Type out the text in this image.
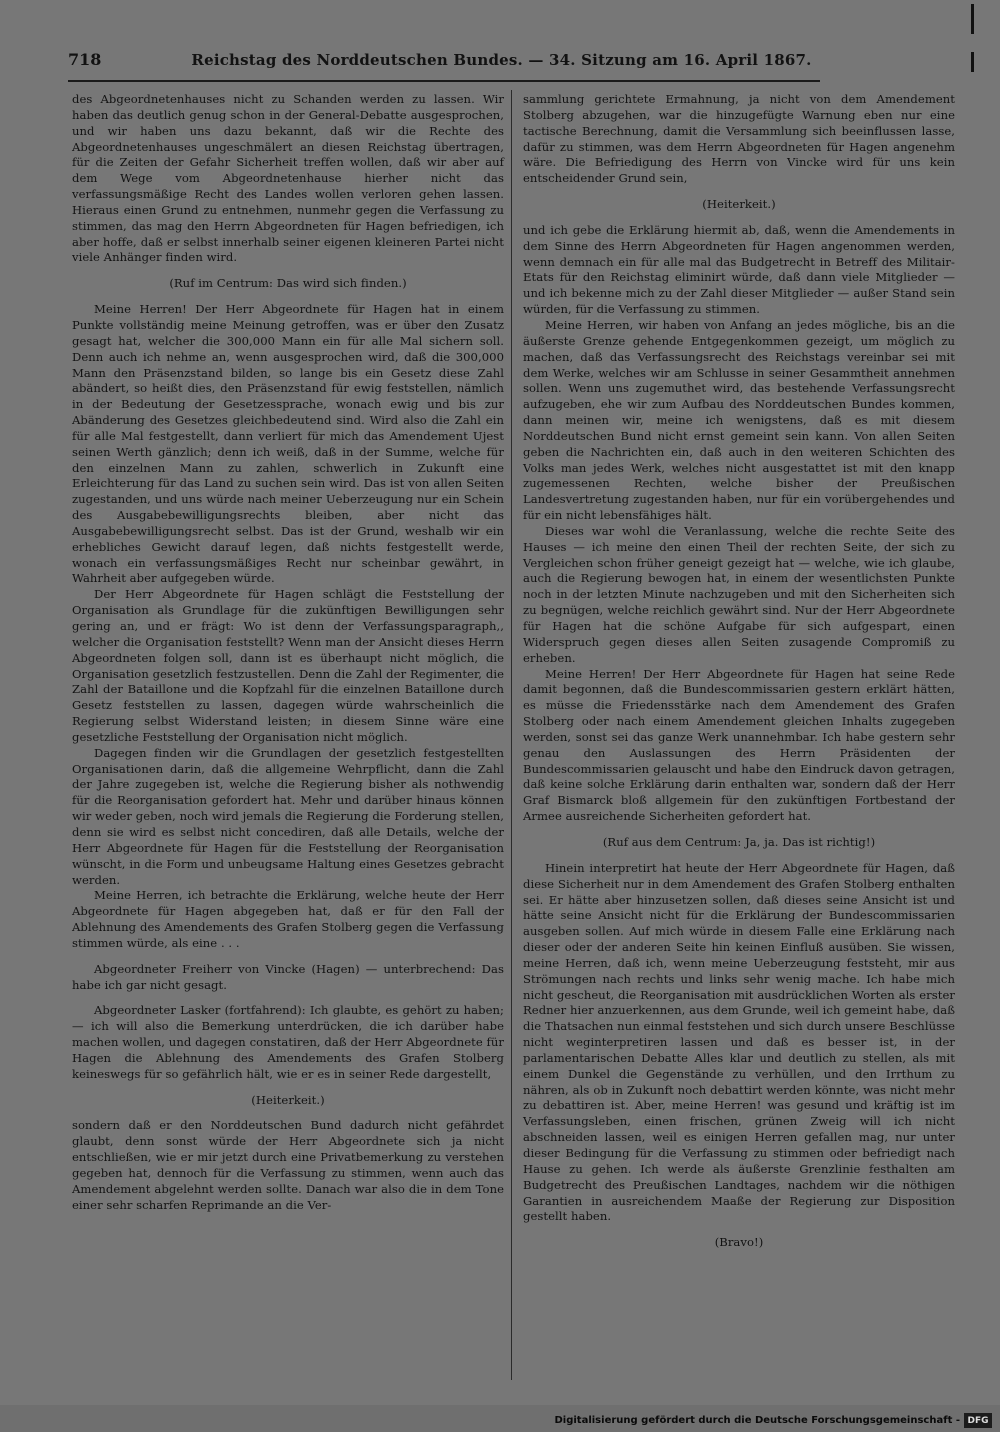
718	Reichstag des Norddeutschen Bundes. — 34. Sitzung am 16. April 1867.

des Abgeordnetenhauses nicht zu Schanden werden zu lassen. Wir haben das deutlich genug schon in der General-Debatte ausgesprochen, und wir haben uns dazu bekannt, daß wir die Rechte des Abgeordnetenhauses ungeschmälert an diesen Reichstag übertragen, für die Zeiten der Gefahr Sicherheit treffen wollen, daß wir aber auf dem Wege vom Abgeordnetenhause hierher nicht das verfassungsmäßige Recht des Landes wollen verloren gehen lassen. Hieraus einen Grund zu entnehmen, nunmehr gegen die Verfassung zu stimmen, das mag den Herrn Abgeordneten für Hagen befriedigen, ich aber hoffe, daß er selbst innerhalb seiner eigenen kleineren Partei nicht viele Anhänger finden wird.

(Ruf im Centrum: Das wird sich finden.)

Meine Herren! Der Herr Abgeordnete für Hagen hat in einem Punkte vollständig meine Meinung getroffen, was er über den Zusatz gesagt hat, welcher die 300,000 Mann ein für alle Mal sichern soll. Denn auch ich nehme an, wenn ausgesprochen wird, daß die 300,000 Mann den Präsenzstand bilden, so lange bis ein Gesetz diese Zahl abändert, so heißt dies, den Präsenzstand für ewig feststellen, nämlich in der Bedeutung der Gesetzessprache, wonach ewig und bis zur Abänderung des Gesetzes gleichbedeutend sind. Wird also die Zahl ein für alle Mal festgestellt, dann verliert für mich das Amendement Ujest seinen Werth gänzlich; denn ich weiß, daß in der Summe, welche für den einzelnen Mann zu zahlen, schwerlich in Zukunft eine Erleichterung für das Land zu suchen sein wird. Das ist von allen Seiten zugestanden, und uns würde nach meiner Ueberzeugung nur ein Schein des Ausgabebewilligungsrechts bleiben, aber nicht das Ausgabebewilligungsrecht selbst. Das ist der Grund, weshalb wir ein erhebliches Gewicht darauf legen, daß nichts festgestellt werde, wonach ein verfassungsmäßiges Recht nur scheinbar gewährt, in Wahrheit aber aufgegeben würde.

Der Herr Abgeordnete für Hagen schlägt die Feststellung der Organisation als Grundlage für die zukünftigen Bewilligungen sehr gering an, und er frägt: Wo ist denn der Verfassungsparagraph,, welcher die Organisation feststellt? Wenn man der Ansicht dieses Herrn Abgeordneten folgen soll, dann ist es überhaupt nicht möglich, die Organisation gesetzlich festzustellen. Denn die Zahl der Regimenter, die Zahl der Bataillone und die Kopfzahl für die einzelnen Bataillone durch Gesetz feststellen zu lassen, dagegen würde wahrscheinlich die Regierung selbst Widerstand leisten; in diesem Sinne wäre eine gesetzliche Feststellung der Organisation nicht möglich.

Dagegen finden wir die Grundlagen der gesetzlich festgestellten Organisationen darin, daß die allgemeine Wehrpflicht, dann die Zahl der Jahre zugegeben ist, welche die Regierung bisher als nothwendig für die Reorganisation gefordert hat. Mehr und darüber hinaus können wir weder geben, noch wird jemals die Regierung die Forderung stellen, denn sie wird es selbst nicht concediren, daß alle Details, welche der Herr Abgeordnete für Hagen für die Feststellung der Reorganisation wünscht, in die Form und unbeugsame Haltung eines Gesetzes gebracht werden.

Meine Herren, ich betrachte die Erklärung, welche heute der Herr Abgeordnete für Hagen abgegeben hat, daß er für den Fall der Ablehnung des Amendements des Grafen Stolberg gegen die Verfassung stimmen würde, als eine . . .

Abgeordneter Freiherr von Vincke (Hagen) — unterbrechend: Das habe ich gar nicht gesagt.

Abgeordneter Lasker (fortfahrend): Ich glaubte, es gehört zu haben; — ich will also die Bemerkung unterdrücken, die ich darüber habe machen wollen, und dagegen constatiren, daß der Herr Abgeordnete für Hagen die Ablehnung des Amendements des Grafen Stolberg keineswegs für so gefährlich hält, wie er es in seiner Rede dargestellt,

(Heiterkeit.)

sondern daß er den Norddeutschen Bund dadurch nicht gefährdet glaubt, denn sonst würde der Herr Abgeordnete sich ja nicht entschließen, wie er mir jetzt durch eine Privatbemerkung zu verstehen gegeben hat, dennoch für die Verfassung zu stimmen, wenn auch das Amendement abgelehnt werden sollte. Danach war also die in dem Tone einer sehr scharfen Reprimande an die Ver-

sammlung gerichtete Ermahnung, ja nicht von dem Amendement Stolberg abzugehen, war die hinzugefügte Warnung eben nur eine tactische Berechnung, damit die Versammlung sich beeinflussen lasse, dafür zu stimmen, was dem Herrn Abgeordneten für Hagen angenehm wäre. Die Befriedigung des Herrn von Vincke wird für uns kein entscheidender Grund sein,

(Heiterkeit.)

und ich gebe die Erklärung hiermit ab, daß, wenn die Amendements in dem Sinne des Herrn Abgeordneten für Hagen angenommen werden, wenn demnach ein für alle mal das Budgetrecht in Betreff des Militair-Etats für den Reichstag eliminirt würde, daß dann viele Mitglieder — und ich bekenne mich zu der Zahl dieser Mitglieder — außer Stand sein würden, für die Verfassung zu stimmen.

Meine Herren, wir haben von Anfang an jedes mögliche, bis an die äußerste Grenze gehende Entgegenkommen gezeigt, um möglich zu machen, daß das Verfassungsrecht des Reichstags vereinbar sei mit dem Werke, welches wir am Schlusse in seiner Gesammtheit annehmen sollen. Wenn uns zugemuthet wird, das bestehende Verfassungsrecht aufzugeben, ehe wir zum Aufbau des Norddeutschen Bundes kommen, dann meinen wir, meine ich wenigstens, daß es mit diesem Norddeutschen Bund nicht ernst gemeint sein kann. Von allen Seiten geben die Nachrichten ein, daß auch in den weiteren Schichten des Volks man jedes Werk, welches nicht ausgestattet ist mit den knapp zugemessenen Rechten, welche bisher der Preußischen Landesvertretung zugestanden haben, nur für ein vorübergehendes und für ein nicht lebensfähiges hält.

Dieses war wohl die Veranlassung, welche die rechte Seite des Hauses — ich meine den einen Theil der rechten Seite, der sich zu Vergleichen schon früher geneigt gezeigt hat — welche, wie ich glaube, auch die Regierung bewogen hat, in einem der wesentlichsten Punkte noch in der letzten Minute nachzugeben und mit den Sicherheiten sich zu begnügen, welche reichlich gewährt sind. Nur der Herr Abgeordnete für Hagen hat die schöne Aufgabe für sich aufgespart, einen Widerspruch gegen dieses allen Seiten zusagende Compromiß zu erheben.

Meine Herren! Der Herr Abgeordnete für Hagen hat seine Rede damit begonnen, daß die Bundescommissarien gestern erklärt hätten, es müsse die Friedensstärke nach dem Amendement des Grafen Stolberg oder nach einem Amendement gleichen Inhalts zugegeben werden, sonst sei das ganze Werk unannehmbar. Ich habe gestern sehr genau den Auslassungen des Herrn Präsidenten der Bundescommissarien gelauscht und habe den Eindruck davon getragen, daß keine solche Erklärung darin enthalten war, sondern daß der Herr Graf Bismarck bloß allgemein für den zukünftigen Fortbestand der Armee ausreichende Sicherheiten gefordert hat.

(Ruf aus dem Centrum: Ja, ja. Das ist richtig!)

Hinein interpretirt hat heute der Herr Abgeordnete für Hagen, daß diese Sicherheit nur in dem Amendement des Grafen Stolberg enthalten sei. Er hätte aber hinzusetzen sollen, daß dieses seine Ansicht ist und hätte seine Ansicht nicht für die Erklärung der Bundescommissarien ausgeben sollen. Auf mich würde in diesem Falle eine Erklärung nach dieser oder der anderen Seite hin keinen Einfluß ausüben. Sie wissen, meine Herren, daß ich, wenn meine Ueberzeugung feststeht, mir aus Strömungen nach rechts und links sehr wenig mache. Ich habe mich nicht gescheut, die Reorganisation mit ausdrücklichen Worten als erster Redner hier anzuerkennen, aus dem Grunde, weil ich gemeint habe, daß die Thatsachen nun einmal feststehen und sich durch unsere Beschlüsse nicht weginterpretiren lassen und daß es besser ist, in der parlamentarischen Debatte Alles klar und deutlich zu stellen, als mit einem Dunkel die Gegenstände zu verhüllen, und den Irrthum zu nähren, als ob in Zukunft noch debattirt werden könnte, was nicht mehr zu debattiren ist. Aber, meine Herren! was gesund und kräftig ist im Verfassungsleben, einen frischen, grünen Zweig will ich nicht abschneiden lassen, weil es einigen Herren gefallen mag, nur unter dieser Bedingung für die Verfassung zu stimmen oder befriedigt nach Hause zu gehen. Ich werde als äußerste Grenzlinie festhalten am Budgetrecht des Preußischen Landtages, nachdem wir die nöthigen Garantien in ausreichendem Maaße der Regierung zur Disposition gestellt haben.

(Bravo!)

Digitalisierung gefördert durch die Deutsche Forschungsgemeinschaft - DFG
